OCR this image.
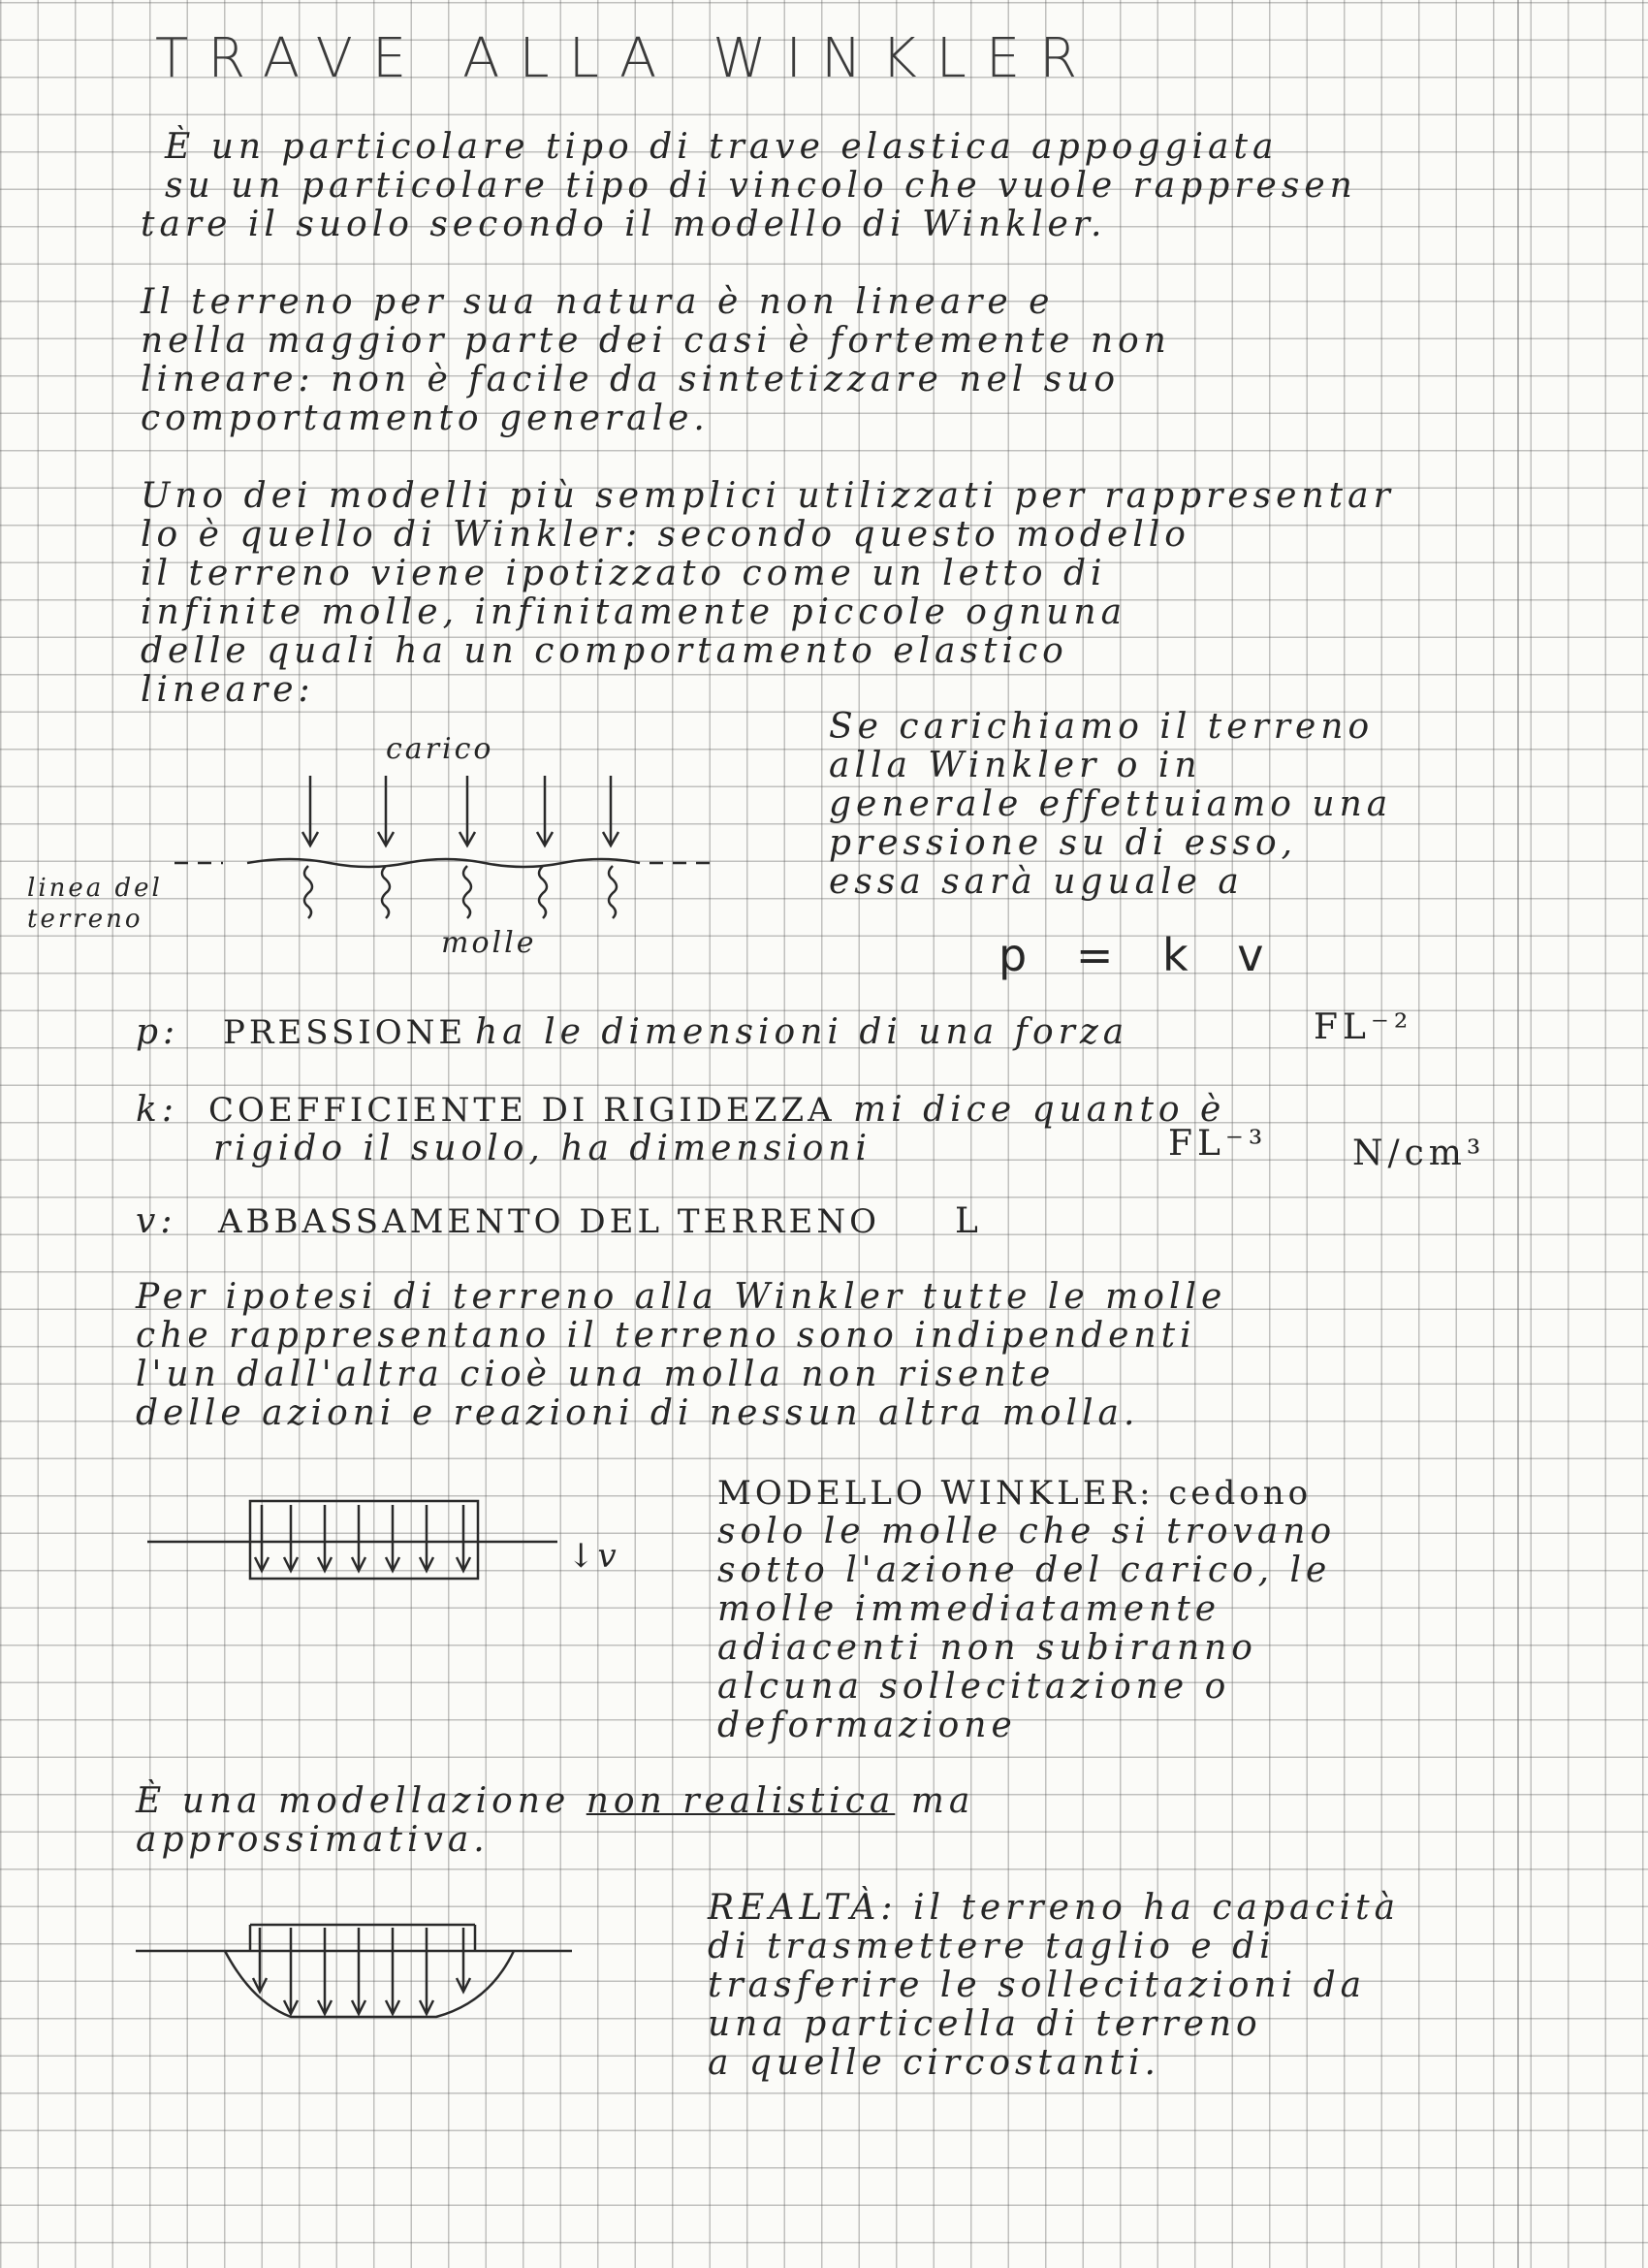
TRAVE ALLA WINKLER
È un particolare tipo di trave elastica appoggiata
su un particolare tipo di vincolo che vuole rappresen
tare il suolo secondo il modello di Winkler.
Il terreno per sua natura è non lineare e
nella maggior parte dei casi è fortemente non
lineare: non è facile da sintetizzare nel suo
comportamento generale.
Uno dei modelli più semplici utilizzati per rappresentar
lo è quello di Winkler: secondo questo modello
il terreno viene ipotizzato come un letto di
infinite molle, infinitamente piccole ognuna
delle quali ha un comportamento elastico
lineare:
carico
linea del terreno
molle
Se carichiamo il terreno
alla Winkler o in
generale effettuiamo una
pressione su di esso,
essa sarà uguale a
p = k v
p: PRESSIONE ha le dimensioni di una forza	FL⁻²
k: COEFFICIENTE DI RIGIDEZZA mi dice quanto è
rigido il suolo, ha dimensioni	FL⁻³ N/cm³
v: ABBASSAMENTO DEL TERRENO L
Per ipotesi di terreno alla Winkler tutte le molle
che rappresentano il terreno sono indipendenti
l'un dall'altra cioè una molla non risente
delle azioni e reazioni di nessun altra molla.
↓v
MODELLO WINKLER: cedono
solo le molle che si trovano
sotto l'azione del carico, le
molle immediatamente
adiacenti non subiranno
alcuna sollecitazione o
deformazione
È una modellazione non realistica ma
approssimativa.
REALTÀ: il terreno ha capacità
di trasmettere taglio e di
trasferire le sollecitazioni da
una particella di terreno
a quelle circostanti.
